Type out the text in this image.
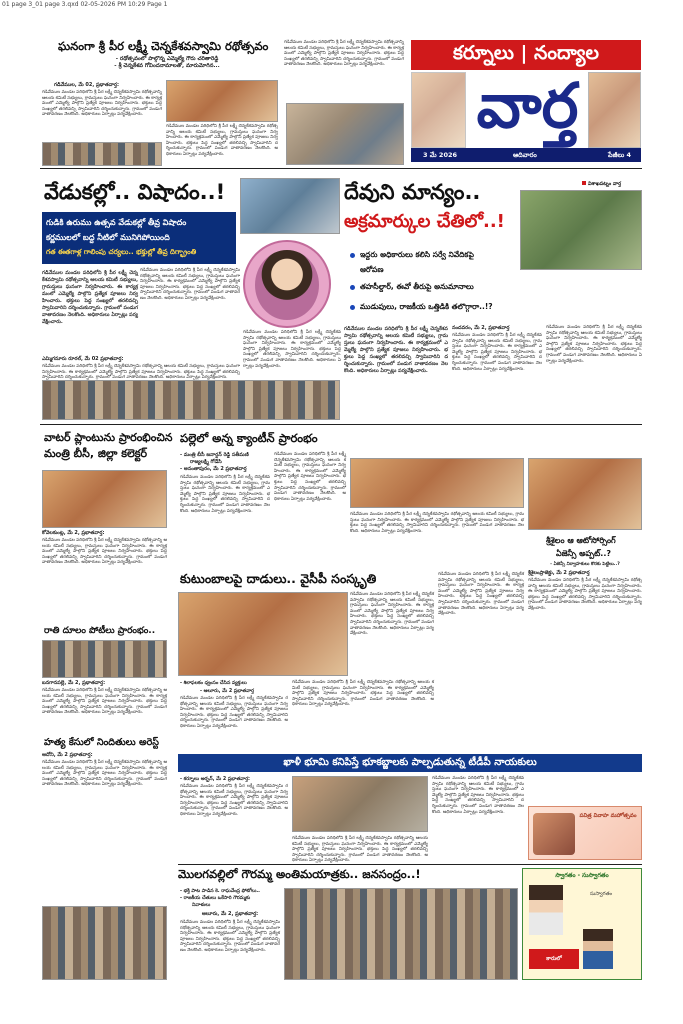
01 page 3_01 page 3.qxd 02-05-2026 PM 10:29 Page 1
ఘనంగా శ్రీ పీర లక్ష్మీ చెన్నకేశవస్వామి రథోత్సవం
- రథోత్సవంలో పాల్గొన్న ఎమ్మెల్యే గౌరు చరితారెడ్డి
- శ్రీ చెన్నకేశవ గోవిందనామాలతో, మారుమోగిన...
గడివేముల, మే 02, ప్రభాతవార్త:
గడివేముల మండల పరిధిలోని శ్రీ పీర లక్ష్మీ చెన్నకేశవస్వామి రథోత్సవాన్ని ఆలయ కమిటీ సభ్యులు, గ్రామస్తులు ఘనంగా నిర్వహించారు. ఈ కార్యక్రమంలో ఎమ్మెల్యే పాల్గొని ప్రత్యేక పూజలు నిర్వహించారు. భక్తులు పెద్ద సంఖ్యలో తరలివచ్చి స్వామివారిని దర్శించుకున్నారు. గ్రామంలో పండుగ వాతావరణం నెలకొంది. అధికారులు ఏర్పాట్లు పర్యవేక్షించారు.
గడివేముల మండల పరిధిలోని శ్రీ పీర లక్ష్మీ చెన్నకేశవస్వామి రథోత్సవాన్ని ఆలయ కమిటీ సభ్యులు, గ్రామస్తులు ఘనంగా నిర్వహించారు. ఈ కార్యక్రమంలో ఎమ్మెల్యే పాల్గొని ప్రత్యేక పూజలు నిర్వహించారు. భక్తులు పెద్ద సంఖ్యలో తరలివచ్చి స్వామివారిని దర్శించుకున్నారు. గ్రామంలో పండుగ వాతావరణం నెలకొంది. అధికారులు ఏర్పాట్లు పర్యవేక్షించారు.
గడివేముల మండల పరిధిలోని శ్రీ పీర లక్ష్మీ చెన్నకేశవస్వామి రథోత్సవాన్ని ఆలయ కమిటీ సభ్యులు, గ్రామస్తులు ఘనంగా నిర్వహించారు. ఈ కార్యక్రమంలో ఎమ్మెల్యే పాల్గొని ప్రత్యేక పూజలు నిర్వహించారు. భక్తులు పెద్ద సంఖ్యలో తరలివచ్చి స్వామివారిని దర్శించుకున్నారు. గ్రామంలో పండుగ వాతావరణం నెలకొంది. అధికారులు ఏర్పాట్లు పర్యవేక్షించారు.
కర్నూలు | నంద్యాల
వార్త
3 మే 2026	ఆదివారం	పేజీలు 4
వేడుకల్లో.. విషాదం..!
గుడికి ఉరుము ఉత్సవ వేడుకల్లో తీవ్ర విషాదం
కర్ణములలో బద్ద నీటిలో మునిగిపోయింది
గత ఈతగాళ్ల గాలింపు చర్యలు.. భక్తుల్లో తీవ్ర దిగ్భ్రాంతి
గడివేముల మండల పరిధిలోని శ్రీ పీర లక్ష్మీ చెన్నకేశవస్వామి రథోత్సవాన్ని ఆలయ కమిటీ సభ్యులు, గ్రామస్తులు ఘనంగా నిర్వహించారు. ఈ కార్యక్రమంలో ఎమ్మెల్యే పాల్గొని ప్రత్యేక పూజలు నిర్వహించారు. భక్తులు పెద్ద సంఖ్యలో తరలివచ్చి స్వామివారిని దర్శించుకున్నారు. గ్రామంలో పండుగ వాతావరణం నెలకొంది. అధికారులు ఏర్పాట్లు పర్యవేక్షించారు.
గడివేముల మండల పరిధిలోని శ్రీ పీర లక్ష్మీ చెన్నకేశవస్వామి రథోత్సవాన్ని ఆలయ కమిటీ సభ్యులు, గ్రామస్తులు ఘనంగా నిర్వహించారు. ఈ కార్యక్రమంలో ఎమ్మెల్యే పాల్గొని ప్రత్యేక పూజలు నిర్వహించారు. భక్తులు పెద్ద సంఖ్యలో తరలివచ్చి స్వామివారిని దర్శించుకున్నారు. గ్రామంలో పండుగ వాతావరణం నెలకొంది. అధికారులు ఏర్పాట్లు పర్యవేక్షించారు.
ఎమ్మిగనూరు రూరల్, మే 02 ప్రభాతవార్త:
గడివేముల మండల పరిధిలోని శ్రీ పీర లక్ష్మీ చెన్నకేశవస్వామి రథోత్సవాన్ని ఆలయ కమిటీ సభ్యులు, గ్రామస్తులు ఘనంగా నిర్వహించారు. ఈ కార్యక్రమంలో ఎమ్మెల్యే పాల్గొని ప్రత్యేక పూజలు నిర్వహించారు. భక్తులు పెద్ద సంఖ్యలో తరలివచ్చి స్వామివారిని దర్శించుకున్నారు. గ్రామంలో పండుగ వాతావరణం నెలకొంది. అధికారులు ఏర్పాట్లు పర్యవేక్షించారు.
గడివేముల మండల పరిధిలోని శ్రీ పీర లక్ష్మీ చెన్నకేశవస్వామి రథోత్సవాన్ని ఆలయ కమిటీ సభ్యులు, గ్రామస్తులు ఘనంగా నిర్వహించారు. ఈ కార్యక్రమంలో ఎమ్మెల్యే పాల్గొని ప్రత్యేక పూజలు నిర్వహించారు. భక్తులు పెద్ద సంఖ్యలో తరలివచ్చి స్వామివారిని దర్శించుకున్నారు. గ్రామంలో పండుగ వాతావరణం నెలకొంది. అధికారులు ఏర్పాట్లు పర్యవేక్షించారు.
విశాఖపట్నం వార్త
దేవుని మాన్యం..
అక్రమార్కుల చేతిలో..!
ఇద్దరు అధికారులు కలిసి సర్వే నివేదికపై
ఆరోపణ
తహసీల్దార్, ఈవో తీరుపై అనుమానాలు
ముడుపులు, రాజకీయ ఒత్తిడికి తలొగ్గారా..!?
గడివేముల మండల పరిధిలోని శ్రీ పీర లక్ష్మీ చెన్నకేశవస్వామి రథోత్సవాన్ని ఆలయ కమిటీ సభ్యులు, గ్రామస్తులు ఘనంగా నిర్వహించారు. ఈ కార్యక్రమంలో ఎమ్మెల్యే పాల్గొని ప్రత్యేక పూజలు నిర్వహించారు. భక్తులు పెద్ద సంఖ్యలో తరలివచ్చి స్వామివారిని దర్శించుకున్నారు. గ్రామంలో పండుగ వాతావరణం నెలకొంది. అధికారులు ఏర్పాట్లు పర్యవేక్షించారు.
నందవరం, మే 2, ప్రభాతవార్త
గడివేముల మండల పరిధిలోని శ్రీ పీర లక్ష్మీ చెన్నకేశవస్వామి రథోత్సవాన్ని ఆలయ కమిటీ సభ్యులు, గ్రామస్తులు ఘనంగా నిర్వహించారు. ఈ కార్యక్రమంలో ఎమ్మెల్యే పాల్గొని ప్రత్యేక పూజలు నిర్వహించారు. భక్తులు పెద్ద సంఖ్యలో తరలివచ్చి స్వామివారిని దర్శించుకున్నారు. గ్రామంలో పండుగ వాతావరణం నెలకొంది. అధికారులు ఏర్పాట్లు పర్యవేక్షించారు.
గడివేముల మండల పరిధిలోని శ్రీ పీర లక్ష్మీ చెన్నకేశవస్వామి రథోత్సవాన్ని ఆలయ కమిటీ సభ్యులు, గ్రామస్తులు ఘనంగా నిర్వహించారు. ఈ కార్యక్రమంలో ఎమ్మెల్యే పాల్గొని ప్రత్యేక పూజలు నిర్వహించారు. భక్తులు పెద్ద సంఖ్యలో తరలివచ్చి స్వామివారిని దర్శించుకున్నారు. గ్రామంలో పండుగ వాతావరణం నెలకొంది. అధికారులు ఏర్పాట్లు పర్యవేక్షించారు.
వాటర్ ప్లాంటును ప్రారంభించిన
మంత్రి బీసీ, జిల్లా కలెక్టర్
కోవెలకుంట్ల, మే 2, ప్రభాతవార్త:
గడివేముల మండల పరిధిలోని శ్రీ పీర లక్ష్మీ చెన్నకేశవస్వామి రథోత్సవాన్ని ఆలయ కమిటీ సభ్యులు, గ్రామస్తులు ఘనంగా నిర్వహించారు. ఈ కార్యక్రమంలో ఎమ్మెల్యే పాల్గొని ప్రత్యేక పూజలు నిర్వహించారు. భక్తులు పెద్ద సంఖ్యలో తరలివచ్చి స్వామివారిని దర్శించుకున్నారు. గ్రామంలో పండుగ వాతావరణం నెలకొంది. అధికారులు ఏర్పాట్లు పర్యవేక్షించారు.
రాతి దూలం పోటీలు ప్రారంభం..
బనగానపల్లె, మే 2, ప్రభాతవార్త:
గడివేముల మండల పరిధిలోని శ్రీ పీర లక్ష్మీ చెన్నకేశవస్వామి రథోత్సవాన్ని ఆలయ కమిటీ సభ్యులు, గ్రామస్తులు ఘనంగా నిర్వహించారు. ఈ కార్యక్రమంలో ఎమ్మెల్యే పాల్గొని ప్రత్యేక పూజలు నిర్వహించారు. భక్తులు పెద్ద సంఖ్యలో తరలివచ్చి స్వామివారిని దర్శించుకున్నారు. గ్రామంలో పండుగ వాతావరణం నెలకొంది. అధికారులు ఏర్పాట్లు పర్యవేక్షించారు.
హత్య కేసులో నిందితులు అరెస్ట్
ఆదోని, మే 2 ప్రభాతవార్త:
గడివేముల మండల పరిధిలోని శ్రీ పీర లక్ష్మీ చెన్నకేశవస్వామి రథోత్సవాన్ని ఆలయ కమిటీ సభ్యులు, గ్రామస్తులు ఘనంగా నిర్వహించారు. ఈ కార్యక్రమంలో ఎమ్మెల్యే పాల్గొని ప్రత్యేక పూజలు నిర్వహించారు. భక్తులు పెద్ద సంఖ్యలో తరలివచ్చి స్వామివారిని దర్శించుకున్నారు. గ్రామంలో పండుగ వాతావరణం నెలకొంది. అధికారులు ఏర్పాట్లు పర్యవేక్షించారు.
పల్లెలో అన్న క్యాంటీన్ ప్రారంభం
- మంత్రి బీసీ జనార్దన్ రెడ్డి సతీమణి
రాజ్యలక్ష్మి గోడేసి
- అనంతాపురం, మే 2 ప్రభాతవార్త
గడివేముల మండల పరిధిలోని శ్రీ పీర లక్ష్మీ చెన్నకేశవస్వామి రథోత్సవాన్ని ఆలయ కమిటీ సభ్యులు, గ్రామస్తులు ఘనంగా నిర్వహించారు. ఈ కార్యక్రమంలో ఎమ్మెల్యే పాల్గొని ప్రత్యేక పూజలు నిర్వహించారు. భక్తులు పెద్ద సంఖ్యలో తరలివచ్చి స్వామివారిని దర్శించుకున్నారు. గ్రామంలో పండుగ వాతావరణం నెలకొంది. అధికారులు ఏర్పాట్లు పర్యవేక్షించారు.
గడివేముల మండల పరిధిలోని శ్రీ పీర లక్ష్మీ చెన్నకేశవస్వామి రథోత్సవాన్ని ఆలయ కమిటీ సభ్యులు, గ్రామస్తులు ఘనంగా నిర్వహించారు. ఈ కార్యక్రమంలో ఎమ్మెల్యే పాల్గొని ప్రత్యేక పూజలు నిర్వహించారు. భక్తులు పెద్ద సంఖ్యలో తరలివచ్చి స్వామివారిని దర్శించుకున్నారు. గ్రామంలో పండుగ వాతావరణం నెలకొంది. అధికారులు ఏర్పాట్లు పర్యవేక్షించారు.
గడివేముల మండల పరిధిలోని శ్రీ పీర లక్ష్మీ చెన్నకేశవస్వామి రథోత్సవాన్ని ఆలయ కమిటీ సభ్యులు, గ్రామస్తులు ఘనంగా నిర్వహించారు. ఈ కార్యక్రమంలో ఎమ్మెల్యే పాల్గొని ప్రత్యేక పూజలు నిర్వహించారు. భక్తులు పెద్ద సంఖ్యలో తరలివచ్చి స్వామివారిని దర్శించుకున్నారు. గ్రామంలో పండుగ వాతావరణం నెలకొంది. అధికారులు ఏర్పాట్లు పర్యవేక్షించారు.
శ్రీశైలం ఆ ఆటోసోర్సింగ్
ఏజెన్సీ అప్పట్..?
- ఏజెన్సీ నిర్వాహకులు కొరకు పెట్టిలు..?
శ్రీశైలంప్రాజెక్టు, మే 2 ప్రభాతవార్త
గడివేముల మండల పరిధిలోని శ్రీ పీర లక్ష్మీ చెన్నకేశవస్వామి రథోత్సవాన్ని ఆలయ కమిటీ సభ్యులు, గ్రామస్తులు ఘనంగా నిర్వహించారు. ఈ కార్యక్రమంలో ఎమ్మెల్యే పాల్గొని ప్రత్యేక పూజలు నిర్వహించారు. భక్తులు పెద్ద సంఖ్యలో తరలివచ్చి స్వామివారిని దర్శించుకున్నారు. గ్రామంలో పండుగ వాతావరణం నెలకొంది. అధికారులు ఏర్పాట్లు పర్యవేక్షించారు.
కుటుంబాలపై దాడులు.. వైసీపీ సంస్కృతి
గడివేముల మండల పరిధిలోని శ్రీ పీర లక్ష్మీ చెన్నకేశవస్వామి రథోత్సవాన్ని ఆలయ కమిటీ సభ్యులు, గ్రామస్తులు ఘనంగా నిర్వహించారు. ఈ కార్యక్రమంలో ఎమ్మెల్యే పాల్గొని ప్రత్యేక పూజలు నిర్వహించారు. భక్తులు పెద్ద సంఖ్యలో తరలివచ్చి స్వామివారిని దర్శించుకున్నారు. గ్రామంలో పండుగ వాతావరణం నెలకొంది. అధికారులు ఏర్పాట్లు పర్యవేక్షించారు.
గడివేముల మండల పరిధిలోని శ్రీ పీర లక్ష్మీ చెన్నకేశవస్వామి రథోత్సవాన్ని ఆలయ కమిటీ సభ్యులు, గ్రామస్తులు ఘనంగా నిర్వహించారు. ఈ కార్యక్రమంలో ఎమ్మెల్యే పాల్గొని ప్రత్యేక పూజలు నిర్వహించారు. భక్తులు పెద్ద సంఖ్యలో తరలివచ్చి స్వామివారిని దర్శించుకున్నారు. గ్రామంలో పండుగ వాతావరణం నెలకొంది. అధికారులు ఏర్పాట్లు పర్యవేక్షించారు.
- శిలాఫలకం ధ్వంసం చేసిన వ్యక్తులు
- ఆలూరు, మే 2 ప్రభాతవార్త
గడివేముల మండల పరిధిలోని శ్రీ పీర లక్ష్మీ చెన్నకేశవస్వామి రథోత్సవాన్ని ఆలయ కమిటీ సభ్యులు, గ్రామస్తులు ఘనంగా నిర్వహించారు. ఈ కార్యక్రమంలో ఎమ్మెల్యే పాల్గొని ప్రత్యేక పూజలు నిర్వహించారు. భక్తులు పెద్ద సంఖ్యలో తరలివచ్చి స్వామివారిని దర్శించుకున్నారు. గ్రామంలో పండుగ వాతావరణం నెలకొంది. అధికారులు ఏర్పాట్లు పర్యవేక్షించారు.
గడివేముల మండల పరిధిలోని శ్రీ పీర లక్ష్మీ చెన్నకేశవస్వామి రథోత్సవాన్ని ఆలయ కమిటీ సభ్యులు, గ్రామస్తులు ఘనంగా నిర్వహించారు. ఈ కార్యక్రమంలో ఎమ్మెల్యే పాల్గొని ప్రత్యేక పూజలు నిర్వహించారు. భక్తులు పెద్ద సంఖ్యలో తరలివచ్చి స్వామివారిని దర్శించుకున్నారు. గ్రామంలో పండుగ వాతావరణం నెలకొంది. అధికారులు ఏర్పాట్లు పర్యవేక్షించారు.
ఖాళీ భూమి కనిపిస్తే భూకబ్జాలకు పాల్పడుతున్న టీడీపీ నాయకులు
- కర్నూలు అర్బన్, మే 2 ప్రభాతవార్త:
గడివేముల మండల పరిధిలోని శ్రీ పీర లక్ష్మీ చెన్నకేశవస్వామి రథోత్సవాన్ని ఆలయ కమిటీ సభ్యులు, గ్రామస్తులు ఘనంగా నిర్వహించారు. ఈ కార్యక్రమంలో ఎమ్మెల్యే పాల్గొని ప్రత్యేక పూజలు నిర్వహించారు. భక్తులు పెద్ద సంఖ్యలో తరలివచ్చి స్వామివారిని దర్శించుకున్నారు. గ్రామంలో పండుగ వాతావరణం నెలకొంది. అధికారులు ఏర్పాట్లు పర్యవేక్షించారు.
గడివేముల మండల పరిధిలోని శ్రీ పీర లక్ష్మీ చెన్నకేశవస్వామి రథోత్సవాన్ని ఆలయ కమిటీ సభ్యులు, గ్రామస్తులు ఘనంగా నిర్వహించారు. ఈ కార్యక్రమంలో ఎమ్మెల్యే పాల్గొని ప్రత్యేక పూజలు నిర్వహించారు. భక్తులు పెద్ద సంఖ్యలో తరలివచ్చి స్వామివారిని దర్శించుకున్నారు. గ్రామంలో పండుగ వాతావరణం నెలకొంది. అధికారులు ఏర్పాట్లు పర్యవేక్షించారు.
గడివేముల మండల పరిధిలోని శ్రీ పీర లక్ష్మీ చెన్నకేశవస్వామి రథోత్సవాన్ని ఆలయ కమిటీ సభ్యులు, గ్రామస్తులు ఘనంగా నిర్వహించారు. ఈ కార్యక్రమంలో ఎమ్మెల్యే పాల్గొని ప్రత్యేక పూజలు నిర్వహించారు. భక్తులు పెద్ద సంఖ్యలో తరలివచ్చి స్వామివారిని దర్శించుకున్నారు. గ్రామంలో పండుగ వాతావరణం నెలకొంది. అధికారులు ఏర్పాట్లు పర్యవేక్షించారు.
పవిత్ర వివాహ మహోత్సవం
మొలగవల్లిలో గౌరమ్మ అంతిమయాత్రకు.. జనసంద్రం..!
- భక్తి పాట పాడిన కె. రాఘవేంద్ర ఫోటోలు..
- రాజకీయ చేతులు ఒకేసారి గౌరమ్మకు
నివాళులు
ఆలూరు, మే 2, ప్రభాతవార్త:
గడివేముల మండల పరిధిలోని శ్రీ పీర లక్ష్మీ చెన్నకేశవస్వామి రథోత్సవాన్ని ఆలయ కమిటీ సభ్యులు, గ్రామస్తులు ఘనంగా నిర్వహించారు. ఈ కార్యక్రమంలో ఎమ్మెల్యే పాల్గొని ప్రత్యేక పూజలు నిర్వహించారు. భక్తులు పెద్ద సంఖ్యలో తరలివచ్చి స్వామివారిని దర్శించుకున్నారు. గ్రామంలో పండుగ వాతావరణం నెలకొంది. అధికారులు ఏర్పాట్లు పర్యవేక్షించారు.
స్వాగతం - సుస్వాగతం
కారులో
సుస్వాగతం
